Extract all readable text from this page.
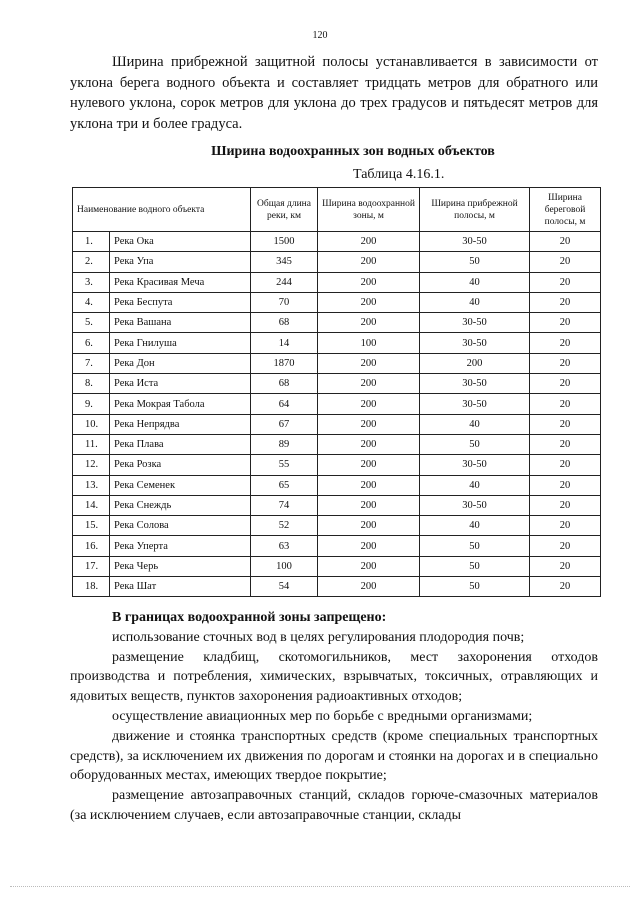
120

Ширина прибрежной защитной полосы устанавливается в зависимости от уклона берега водного объекта и составляет тридцать метров для обратного или нулевого уклона, сорок метров для уклона до трех градусов и пятьдесят метров для уклона три и более градуса.

Ширина водоохранных зон водных объектов

Таблица 4.16.1.

Наименование водного объекта		Общая длина реки, км	Ширина водоохранной зоны, м	Ширина прибрежной полосы, м	Ширина береговой полосы, м
1.	Река Ока	1500	200	30-50	20
2.	Река Упа	345	200	50	20
3.	Река Красивая Меча	244	200	40	20
4.	Река Беспута	70	200	40	20
5.	Река Вашана	68	200	30-50	20
6.	Река Гнилуша	14	100	30-50	20
7.	Река Дон	1870	200	200	20
8.	Река Иста	68	200	30-50	20
9.	Река Мокрая Табола	64	200	30-50	20
10.	Река Непрядва	67	200	40	20
11.	Река Плава	89	200	50	20
12.	Река Розка	55	200	30-50	20
13.	Река Семенек	65	200	40	20
14.	Река Снеждь	74	200	30-50	20
15.	Река Солова	52	200	40	20
16.	Река Уперта	63	200	50	20
17.	Река Черь	100	200	50	20
18.	Река Шат	54	200	50	20

В границах водоохранной зоны запрещено:

использование сточных вод в целях регулирования плодородия почв;

размещение кладбищ, скотомогильников, мест захоронения отходов производства и потребления, химических, взрывчатых, токсичных, отравляющих и ядовитых веществ, пунктов захоронения радиоактивных отходов;

осуществление авиационных мер по борьбе с вредными организмами;

движение и стоянка транспортных средств (кроме специальных транспортных средств), за исключением их движения по дорогам и стоянки на дорогах и в специально оборудованных местах, имеющих твердое покрытие;

размещение автозаправочных станций, складов горюче-смазочных материалов (за исключением случаев, если автозаправочные станции, склады
